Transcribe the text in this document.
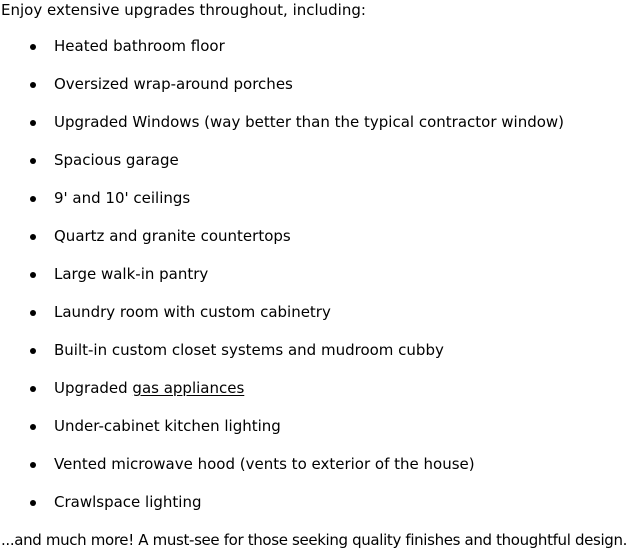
Enjoy extensive upgrades throughout, including:
Heated bathroom floor
Oversized wrap-around porches
Upgraded Windows (way better than the typical contractor window)
Spacious garage
9' and 10' ceilings
Quartz and granite countertops
Large walk-in pantry
Laundry room with custom cabinetry
Built-in custom closet systems and mudroom cubby
Upgraded gas appliances
Under-cabinet kitchen lighting
Vented microwave hood (vents to exterior of the house)
Crawlspace lighting
...and much more! A must-see for those seeking quality finishes and thoughtful design.
